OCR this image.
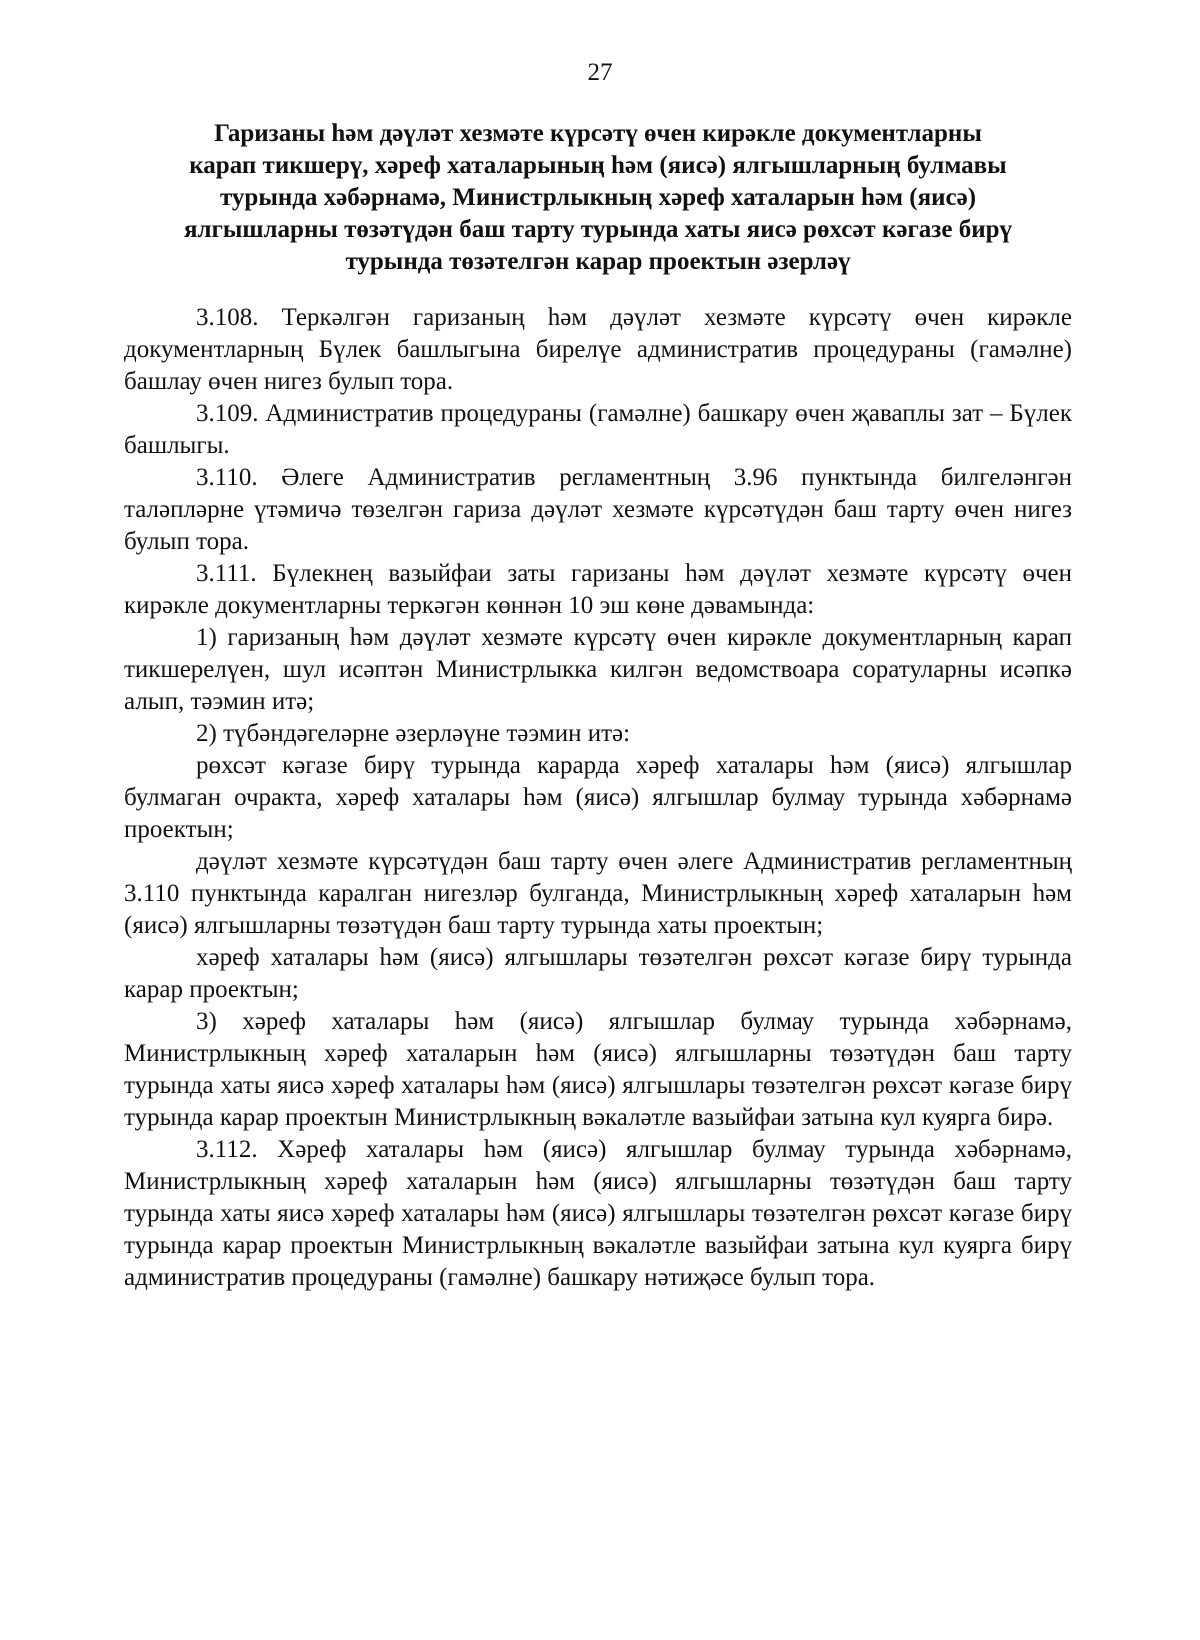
27
Гаризаны һәм дәүләт хезмәте күрсәтү өчен кирәкле документларны
карап тикшерү, хәреф хаталарының һәм (яисә) ялгышларның булмавы
турында хәбәрнамә, Министрлыкның хәреф хаталарын һәм (яисә)
ялгышларны төзәтүдән баш тарту турында хаты яисә рөхсәт кәгазе бирү
турында төзәтелгән карар проектын әзерләү

3.108. Теркәлгән гаризаның һәм дәүләт хезмәте күрсәтү өчен кирәкле документларның Бүлек башлыгына бирелүе административ процедураны (гамәлне) башлау өчен нигез булып тора.

3.109. Административ процедураны (гамәлне) башкару өчен җаваплы зат – Бүлек башлыгы.

3.110. Әлеге Административ регламентның 3.96 пунктында билгеләнгән таләпләрне үтәмичә төзелгән гариза дәүләт хезмәте күрсәтүдән баш тарту өчен нигез булып тора.

3.111. Бүлекнең вазыйфаи заты гаризаны һәм дәүләт хезмәте күрсәтү өчен кирәкле документларны теркәгән көннән 10 эш көне дәвамында:

1) гаризаның һәм дәүләт хезмәте күрсәтү өчен кирәкле документларның карап тикшерелүен, шул исәптән Министрлыкка килгән ведомствоара соратуларны исәпкә алып, тәэмин итә;

2) түбәндәгеләрне әзерләүне тәэмин итә:

рөхсәт кәгазе бирү турында карарда хәреф хаталары һәм (яисә) ялгышлар булмаган очракта, хәреф хаталары һәм (яисә) ялгышлар булмау турында хәбәрнамә проектын;

дәүләт хезмәте күрсәтүдән баш тарту өчен әлеге Административ регламентның 3.110 пунктында каралган нигезләр булганда, Министрлыкның хәреф хаталарын һәм (яисә) ялгышларны төзәтүдән баш тарту турында хаты проектын;

хәреф хаталары һәм (яисә) ялгышлары төзәтелгән рөхсәт кәгазе бирү турында карар проектын;

3) хәреф хаталары һәм (яисә) ялгышлар булмау турында хәбәрнамә, Министрлыкның хәреф хаталарын һәм (яисә) ялгышларны төзәтүдән баш тарту турында хаты яисә хәреф хаталары һәм (яисә) ялгышлары төзәтелгән рөхсәт кәгазе бирү турында карар проектын Министрлыкның вәкаләтле вазыйфаи затына кул куярга бирә.

3.112. Хәреф хаталары һәм (яисә) ялгышлар булмау турында хәбәрнамә, Министрлыкның хәреф хаталарын һәм (яисә) ялгышларны төзәтүдән баш тарту турында хаты яисә хәреф хаталары һәм (яисә) ялгышлары төзәтелгән рөхсәт кәгазе бирү турында карар проектын Министрлыкның вәкаләтле вазыйфаи затына кул куярга бирү административ процедураны (гамәлне) башкару нәтиҗәсе булып тора.
